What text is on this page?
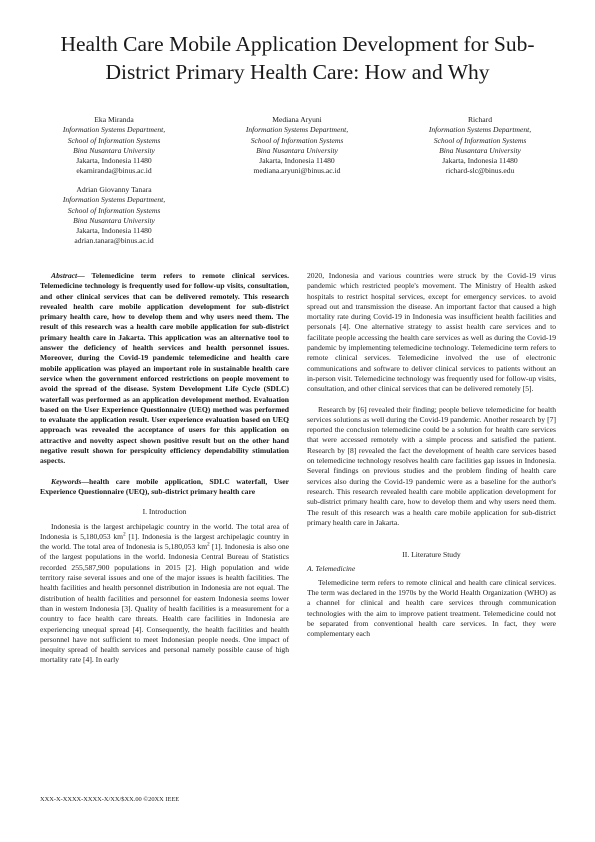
Health Care Mobile Application Development for Sub-District Primary Health Care: How and Why
Eka Miranda
Information Systems Department,
School of Information Systems
Bina Nusantara University
Jakarta, Indonesia 11480
ekamiranda@binus.ac.id
Mediana Aryuni
Information Systems Department,
School of Information Systems
Bina Nusantara University
Jakarta, Indonesia 11480
mediana.aryuni@binus.ac.id
Richard
Information Systems Department,
School of Information Systems
Bina Nusantara University
Jakarta, Indonesia 11480
richard-slc@binus.edu
Adrian Giovanny Tanara
Information Systems Department,
School of Information Systems
Bina Nusantara University
Jakarta, Indonesia 11480
adrian.tanara@binus.ac.id

Abstract— Telemedicine term refers to remote clinical services. Telemedicine technology is frequently used for follow-up visits, consultation, and other clinical services that can be delivered remotely. This research revealed health care mobile application development for sub-district primary health care, how to develop them and why users need them. The result of this research was a health care mobile application for sub-district primary health care in Jakarta. This application was an alternative tool to answer the deficiency of health services and health personnel issues. Moreover, during the Covid-19 pandemic telemedicine and health care mobile application was played an important role in sustainable health care service when the government enforced restrictions on people movement to avoid the spread of the disease. System Development Life Cycle (SDLC) waterfall was performed as an application development method. Evaluation based on the User Experience Questionnaire (UEQ) method was performed to evaluate the application result. User experience evaluation based on UEQ approach was revealed the acceptance of users for this application on attractive and novelty aspect shown positive result but on the other hand negative result shown for perspicuity efficiency dependability stimulation aspects.

Keywords—health care mobile application, SDLC waterfall, User Experience Questionnaire (UEQ), sub-district primary health care

I. Introduction

Indonesia is the largest archipelagic country in the world. The total area of Indonesia is 5,180,053 $km^2$ [1]. Indonesia is the largest archipelagic country in the world. The total area of Indonesia is 5,180,053 $km^2$ [1]. Indonesia is also one of the largest populations in the world. Indonesia Central Bureau of Statistics recorded 255,587,900 populations in 2015 [2]. High population and wide territory raise several issues and one of the major issues is health facilities. The health facilities and health personnel distribution in Indonesia are not equal. The distribution of health facilities and personnel for eastern Indonesia seems lower than in western Indonesia [3]. Quality of health facilities is a measurement for a country to face health care threats. Health care facilities in Indonesia are experiencing unequal spread [4]. Consequently, the health facilities and health personnel have not sufficient to meet Indonesian people needs. One impact of inequity spread of health services and personal namely possible cause of high mortality rate [4]. In early

2020, Indonesia and various countries were struck by the Covid-19 virus pandemic which restricted people's movement. The Ministry of Health asked hospitals to restrict hospital services, except for emergency services. to avoid spread out and transmission the disease. An important factor that caused a high mortality rate during Covid-19 in Indonesia was insufficient health facilities and personals [4]. One alternative strategy to assist health care services and to facilitate people accessing the health care services as well as during the Covid-19 pandemic by implementing telemedicine technology. Telemedicine term refers to remote clinical services. Telemedicine involved the use of electronic communications and software to deliver clinical services to patients without an in-person visit. Telemedicine technology was frequently used for follow-up visits, consultation, and other clinical services that can be delivered remotely [5].

Research by [6] revealed their finding; people believe telemedicine for health services solutions as well during the Covid-19 pandemic. Another research by [7] reported the conclusion telemedicine could be a solution for health care services that were accessed remotely with a simple process and satisfied the patient. Research by [8] revealed the fact the development of health care services based on telemedicine technology resolves health care facilities gap issues in Indonesia. Several findings on previous studies and the problem finding of health care services also during the Covid-19 pandemic were as a baseline for the author's research. This research revealed health care mobile application development for sub-district primary health care, how to develop them and why users need them. The result of this research was a health care mobile application for sub-district primary health care in Jakarta.

II. Literature Study

A. Telemedicine

Telemedicine term refers to remote clinical and health care clinical services. The term was declared in the 1970s by the World Health Organization (WHO) as a channel for clinical and health care services through communication technologies with the aim to improve patient treatment. Telemedicine could not be separated from conventional health care services. In fact, they were complementary each

XXX-X-XXXX-XXXX-X/XX/$XX.00 ©20XX IEEE
